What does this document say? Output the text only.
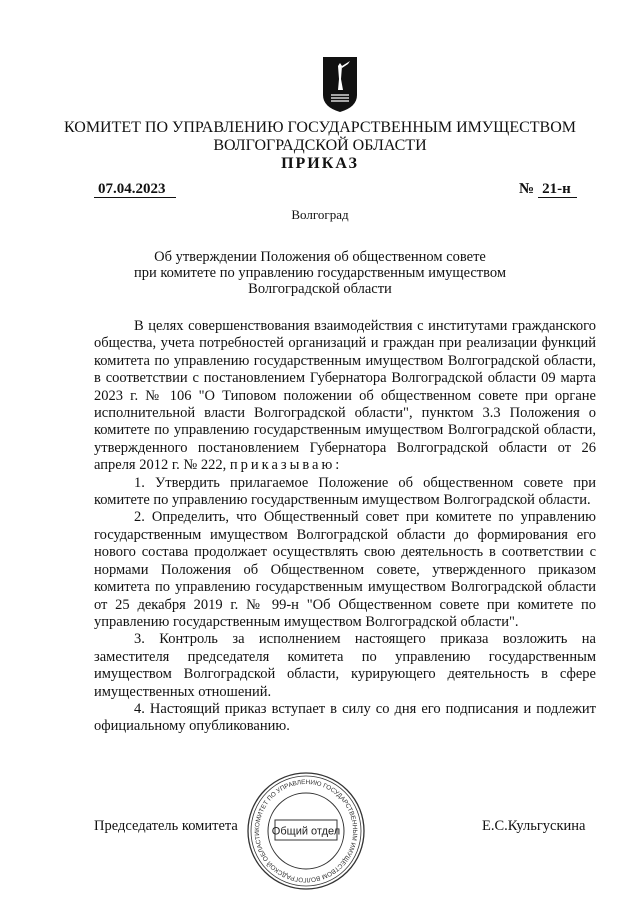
КОМИТЕТ ПО УПРАВЛЕНИЮ ГОСУДАРСТВЕННЫМ ИМУЩЕСТВОМ
ВОЛГОГРАДСКОЙ ОБЛАСТИ
ПРИКАЗ
07.04.2023	№ 21-н
Волгоград
Об утверждении Положения об общественном совете
при комитете по управлению государственным имуществом
Волгоградской области

В целях совершенствования взаимодействия с институтами гражданского общества, учета потребностей организаций и граждан при реализации функций комитета по управлению государственным имуществом Волгоградской области, в соответствии с постановлением Губернатора Волгоградской области 09 марта 2023 г. № 106 "О Типовом положении об общественном совете при органе исполнительной власти Волгоградской области", пунктом 3.3 Положения о комитете по управлению государственным имуществом Волгоградской области, утвержденного постановлением Губернатора Волгоградской области от 26 апреля 2012 г. № 222, приказываю:

1. Утвердить прилагаемое Положение об общественном совете при комитете по управлению государственным имуществом Волгоградской области.

2. Определить, что Общественный совет при комитете по управлению государственным имуществом Волгоградской области до формирования его нового состава продолжает осуществлять свою деятельность в соответствии с нормами Положения об Общественном совете, утвержденного приказом комитета по управлению государственным имуществом Волгоградской области от 25 декабря 2019 г. № 99-н "Об Общественном совете при комитете по управлению государственным имуществом Волгоградской области".

3. Контроль за исполнением настоящего приказа возложить на заместителя председателя комитета по управлению государственным имуществом Волгоградской области, курирующего деятельность в сфере имущественных отношений.

4. Настоящий приказ вступает в силу со дня его подписания и подлежит официальному опубликованию.

Председатель комитета	Е.С.Кульгускина
КОМИТЕТ ПО УПРАВЛЕНИЮ ГОСУДАРСТВЕННЫМ ИМУЩЕСТВОМ ВОЛГОГРАДСКОЙ ОБЛАСТИ Общий отдел
